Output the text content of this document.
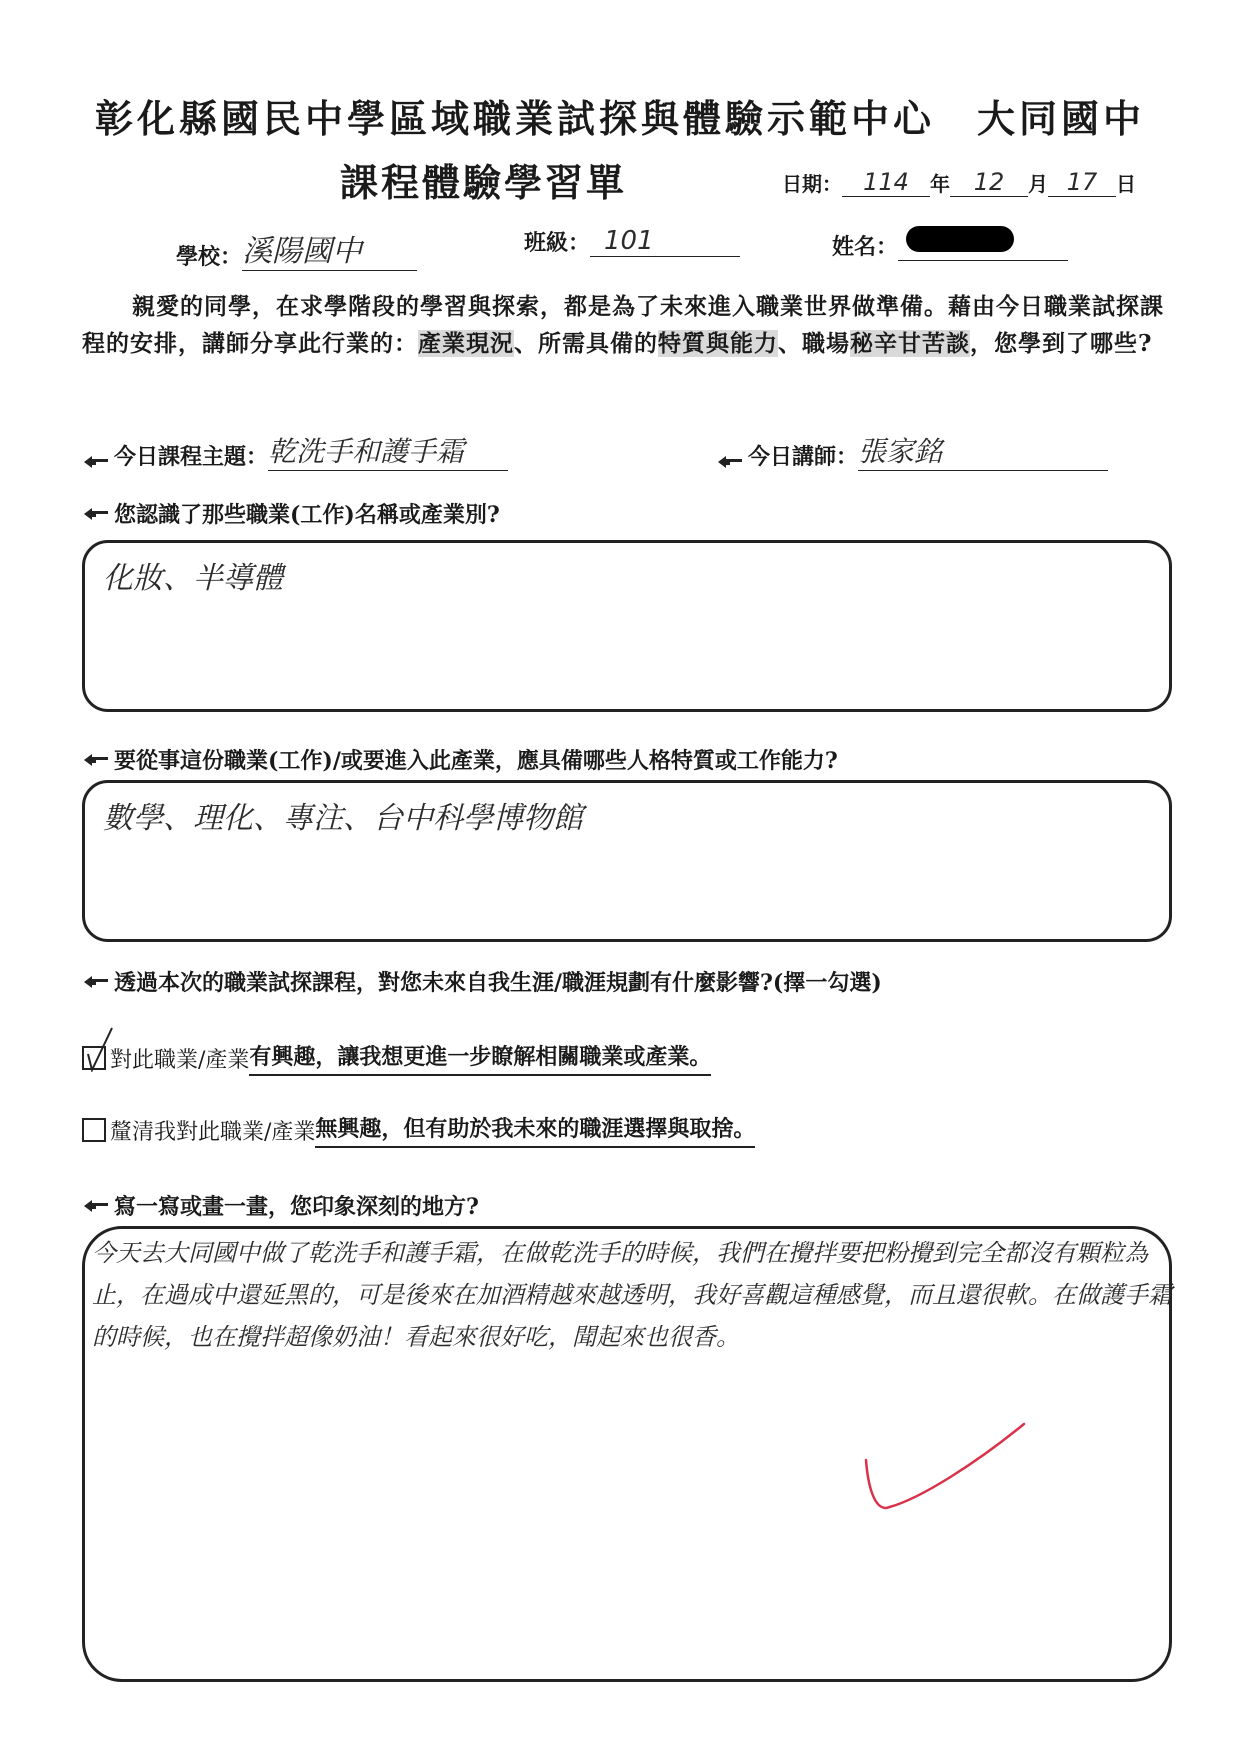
彰化縣國民中學區域職業試探與體驗示範中心　大同國中
課程體驗學習單	日期： 114	年 12	月 17 日
學校： 溪陽國中	班級： 101	姓名：
親愛的同學，在求學階段的學習與探索，都是為了未來進入職業世界做準備。藉由今日職業試探課程的安排，講師分享此行業的：產業現況、所需具備的特質與能力、職場秘辛甘苦談，您學到了哪些?
今日課程主題： 乾洗手和護手霜	今日講師： 張家銘
您認識了那些職業(工作)名稱或產業別?
化妝、半導體
要從事這份職業(工作)/或要進入此產業，應具備哪些人格特質或工作能力?
數學、理化、專注、台中科學博物館
透過本次的職業試探課程，對您未來自我生涯/職涯規劃有什麼影響?(擇一勾選)
對此職業/產業 有興趣，讓我想更進一步瞭解相關職業或產業。
釐清我對此職業/產業 無興趣，但有助於我未來的職涯選擇與取捨。
寫一寫或畫一畫，您印象深刻的地方?
今天去大同國中做了乾洗手和護手霜，在做乾洗手的時候，我們在攪拌要把粉攪到完全都沒有顆粒為止，在過成中還延黑的，可是後來在加酒精越來越透明，我好喜觀這種感覺，而且還很軟。在做護手霜的時候，也在攪拌超像奶油！看起來很好吃，聞起來也很香。
